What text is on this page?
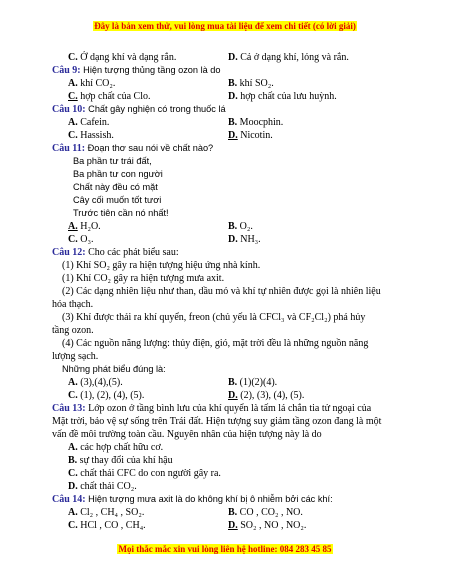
Đây là bản xem thử, vui lòng mua tài liệu để xem chi tiết (có lời giải)
C. Ở dạng khí và dạng rắn.	D. Cả ở dạng khí, lỏng và rắn.
Câu 9: Hiện tượng thủng tầng ozon là do
A. khí CO₂.	B. khí SO₂.
C. hợp chất của Clo.	D. hợp chất của lưu huỳnh.
Câu 10: Chất gây nghiện có trong thuốc lá
A. Cafein.	B. Moocphin.
C. Hassish.	D. Nicotin.
Câu 11: Đoạn thơ sau nói về chất nào?
Ba phần tư trái đất,
Ba phần tư con người
Chất này đều có mặt
Cây cối muốn tốt tươi
Trước tiên cần nó nhất!
A. H₂O.	B. O₂.
C. O₃.	D. NH₃.
Câu 12: Cho các phát biểu sau:
(1) Khí SO₂ gây ra hiện tượng hiệu ứng nhà kính.
(1) Khí CO₂ gây ra hiện tượng mưa axit.
(2) Các dạng nhiên liệu như than, dầu mỏ và khí tự nhiên được gọi là nhiên liệu
hóa thạch.
(3) Khí được thải ra khí quyển, freon (chủ yếu là CFCl₃ và CF₂Cl₂) phá hủy
tầng ozon.
(4) Các nguồn năng lượng: thủy điện, gió, mặt trời đều là những nguồn năng
lượng sạch.
Những phát biểu đúng là:
A. (3),(4),(5).	B. (1)(2)(4).
C. (1), (2), (4), (5).	D. (2), (3), (4), (5).
Câu 13: Lớp ozon ở tầng bình lưu của khí quyển là tấm lá chắn tia tử ngoại của
Mặt trời, bảo vệ sự sống trên Trái đất. Hiện tượng suy giảm tầng ozon đang là một
vấn đề môi trường toàn cầu. Nguyên nhân của hiện tượng này là do
A. các hợp chất hữu cơ.
B. sự thay đổi của khí hậu
C. chất thải CFC do con người gây ra.
D. chất thải CO₂.
Câu 14: Hiện tượng mưa axit là do không khí bị ô nhiễm bởi các khí:
A. Cl₂ , CH₄ , SO₂.	B. CO , CO₂ , NO.
C. HCl , CO , CH₄.	D. SO₂ , NO , NO₂.
Mọi thắc mắc xin vui lòng liên hệ hotline: 084 283 45 85
